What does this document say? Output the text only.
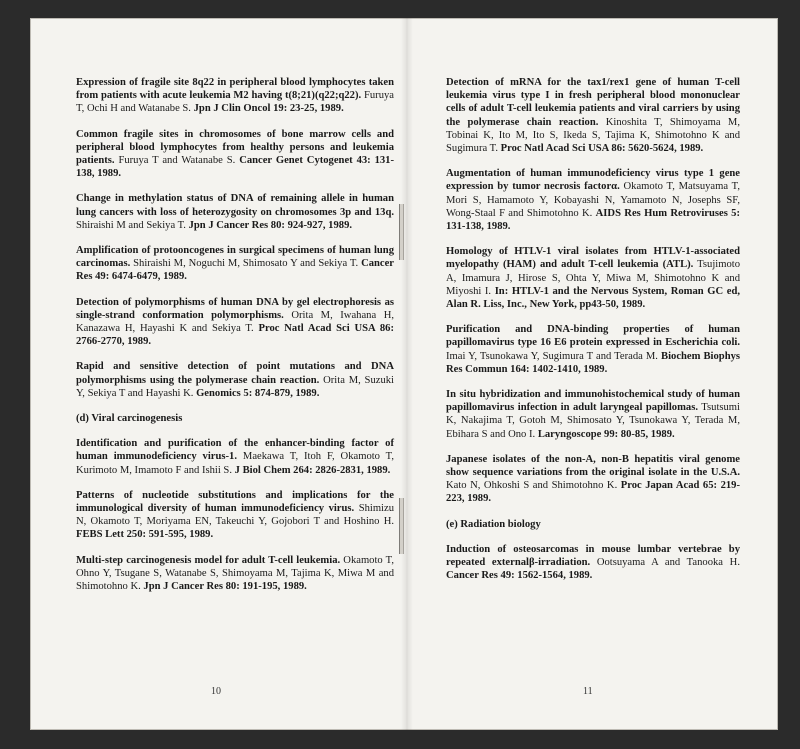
Expression of fragile site 8q22 in peripheral blood lymphocytes taken from patients with acute leukemia M2 having t(8;21)(q22;q22). Furuya T, Ochi H and Watanabe S. Jpn J Clin Oncol 19: 23-25, 1989.

Common fragile sites in chromosomes of bone marrow cells and peripheral blood lymphocytes from healthy persons and leukemia patients. Furuya T and Watanabe S. Cancer Genet Cytogenet 43: 131-138, 1989.

Change in methylation status of DNA of remaining allele in human lung cancers with loss of heterozygosity on chromosomes 3p and 13q. Shiraishi M and Sekiya T. Jpn J Cancer Res 80: 924-927, 1989.

Amplification of protooncogenes in surgical specimens of human lung carcinomas. Shiraishi M, Noguchi M, Shimosato Y and Sekiya T. Cancer Res 49: 6474-6479, 1989.

Detection of polymorphisms of human DNA by gel electrophoresis as single-strand conformation polymorphisms. Orita M, Iwahana H, Kanazawa H, Hayashi K and Sekiya T. Proc Natl Acad Sci USA 86: 2766-2770, 1989.

Rapid and sensitive detection of point mutations and DNA polymorphisms using the polymerase chain reaction. Orita M, Suzuki Y, Sekiya T and Hayashi K. Genomics 5: 874-879, 1989.

(d) Viral carcinogenesis

Identification and purification of the enhancer-binding factor of human immunodeficiency virus-1. Maekawa T, Itoh F, Okamoto T, Kurimoto M, Imamoto F and Ishii S. J Biol Chem 264: 2826-2831, 1989.

Patterns of nucleotide substitutions and implications for the immunological diversity of human immunodeficiency virus. Shimizu N, Okamoto T, Moriyama EN, Takeuchi Y, Gojobori T and Hoshino H. FEBS Lett 250: 591-595, 1989.

Multi-step carcinogenesis model for adult T-cell leukemia. Okamoto T, Ohno Y, Tsugane S, Watanabe S, Shimoyama M, Tajima K, Miwa M and Shimotohno K. Jpn J Cancer Res 80: 191-195, 1989.

10

Detection of mRNA for the tax1/rex1 gene of human T-cell leukemia virus type I in fresh peripheral blood mononuclear cells of adult T-cell leukemia patients and viral carriers by using the polymerase chain reaction. Kinoshita T, Shimoyama M, Tobinai K, Ito M, Ito S, Ikeda S, Tajima K, Shimotohno K and Sugimura T. Proc Natl Acad Sci USA 86: 5620-5624, 1989.

Augmentation of human immunodeficiency virus type 1 gene expression by tumor necrosis factorα. Okamoto T, Matsuyama T, Mori S, Hamamoto Y, Kobayashi N, Yamamoto N, Josephs SF, Wong-Staal F and Shimotohno K. AIDS Res Hum Retroviruses 5: 131-138, 1989.

Homology of HTLV-1 viral isolates from HTLV-1-associated myelopathy (HAM) and adult T-cell leukemia (ATL). Tsujimoto A, Imamura J, Hirose S, Ohta Y, Miwa M, Shimotohno K and Miyoshi I. In: HTLV-1 and the Nervous System, Roman GC ed, Alan R. Liss, Inc., New York, pp43-50, 1989.

Purification and DNA-binding properties of human papillomavirus type 16 E6 protein expressed in Escherichia coli. Imai Y, Tsunokawa Y, Sugimura T and Terada M. Biochem Biophys Res Commun 164: 1402-1410, 1989.

In situ hybridization and immunohistochemical study of human papillomavirus infection in adult laryngeal papillomas. Tsutsumi K, Nakajima T, Gotoh M, Shimosato Y, Tsunokawa Y, Terada M, Ebihara S and Ono I. Laryngoscope 99: 80-85, 1989.

Japanese isolates of the non-A, non-B hepatitis viral genome show sequence variations from the original isolate in the U.S.A. Kato N, Ohkoshi S and Shimotohno K. Proc Japan Acad 65: 219-223, 1989.

(e) Radiation biology

Induction of osteosarcomas in mouse lumbar vertebrae by repeated externalβ-irradiation. Ootsuyama A and Tanooka H. Cancer Res 49: 1562-1564, 1989.

11
